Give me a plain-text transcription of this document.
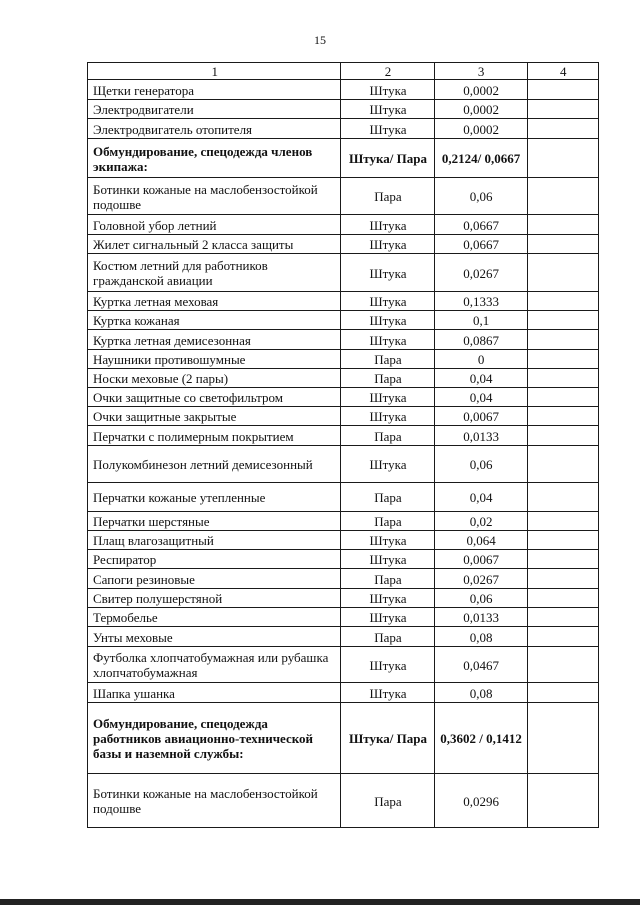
15
1	2	3	4
Щетки генератора	Штука	0,0002	
Электродвигатели	Штука	0,0002	
Электродвигатель отопителя	Штука	0,0002	
Обмундирование, спецодежда членов экипажа:	Штука/ Пара	0,2124/ 0,0667	
Ботинки кожаные на маслобензостойкой подошве	Пара	0,06	
Головной убор летний	Штука	0,0667	
Жилет сигнальный 2 класса защиты	Штука	0,0667	
Костюм летний для работников гражданской авиации	Штука	0,0267	
Куртка летная меховая	Штука	0,1333	
Куртка кожаная	Штука	0,1	
Куртка летная демисезонная	Штука	0,0867	
Наушники противошумные	Пара	0	
Носки меховые (2 пары)	Пара	0,04	
Очки защитные со светофильтром	Штука	0,04	
Очки защитные закрытые	Штука	0,0067	
Перчатки с полимерным покрытием	Пара	0,0133	
Полукомбинезон летний демисезонный	Штука	0,06	
Перчатки кожаные утепленные	Пара	0,04	
Перчатки шерстяные	Пара	0,02	
Плащ влагозащитный	Штука	0,064	
Респиратор	Штука	0,0067	
Сапоги резиновые	Пара	0,0267	
Свитер полушерстяной	Штука	0,06	
Термобелье	Штука	0,0133	
Унты меховые	Пара	0,08	
Футболка хлопчатобумажная или рубашка хлопчатобумажная	Штука	0,0467	
Шапка ушанка	Штука	0,08	
Обмундирование, спецодежда работников авиационно-технической базы и наземной службы:	Штука/ Пара	0,3602 / 0,1412	
Ботинки кожаные на маслобензостойкой подошве	Пара	0,0296	
